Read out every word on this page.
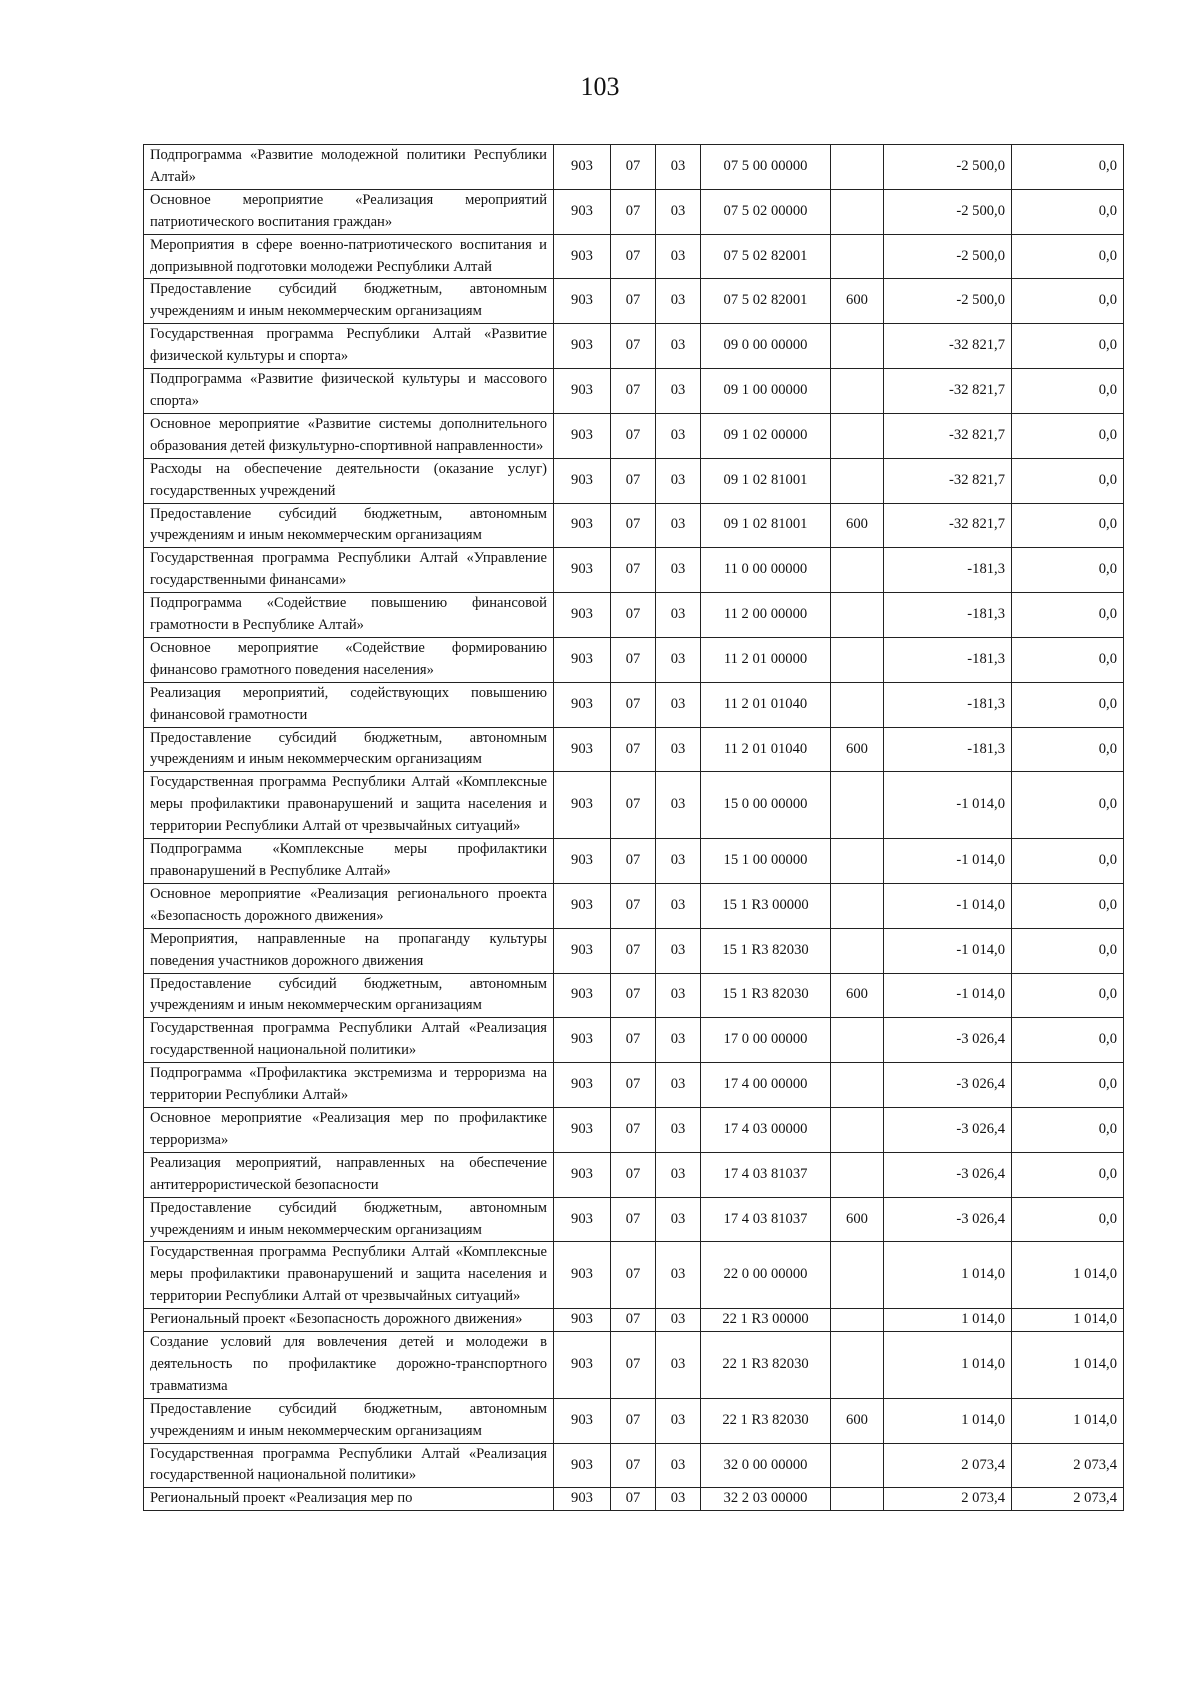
103
Подпрограмма «Развитие молодежной политики Республики Алтай»	903	07	03	07 5 00 00000		-2 500,0	0,0
Основное мероприятие «Реализация мероприятий патриотического воспитания граждан»	903	07	03	07 5 02 00000		-2 500,0	0,0
Мероприятия в сфере военно-патриотического воспитания и допризывной подготовки молодежи Республики Алтай	903	07	03	07 5 02 82001		-2 500,0	0,0
Предоставление субсидий бюджетным, автономным учреждениям и иным некоммерческим организациям	903	07	03	07 5 02 82001	600	-2 500,0	0,0
Государственная программа Республики Алтай «Развитие физической культуры и спорта»	903	07	03	09 0 00 00000		-32 821,7	0,0
Подпрограмма «Развитие физической культуры и массового спорта»	903	07	03	09 1 00 00000		-32 821,7	0,0
Основное мероприятие «Развитие системы дополнительного образования детей физкультурно-спортивной направленности»	903	07	03	09 1 02 00000		-32 821,7	0,0
Расходы на обеспечение деятельности (оказание услуг) государственных учреждений	903	07	03	09 1 02 81001		-32 821,7	0,0
Предоставление субсидий бюджетным, автономным учреждениям и иным некоммерческим организациям	903	07	03	09 1 02 81001	600	-32 821,7	0,0
Государственная программа Республики Алтай «Управление государственными финансами»	903	07	03	11 0 00 00000		-181,3	0,0
Подпрограмма «Содействие повышению финансовой грамотности в Республике Алтай»	903	07	03	11 2 00 00000		-181,3	0,0
Основное мероприятие «Содействие формированию финансово грамотного поведения населения»	903	07	03	11 2 01 00000		-181,3	0,0
Реализация мероприятий, содействующих повышению финансовой грамотности	903	07	03	11 2 01 01040		-181,3	0,0
Предоставление субсидий бюджетным, автономным учреждениям и иным некоммерческим организациям	903	07	03	11 2 01 01040	600	-181,3	0,0
Государственная программа Республики Алтай «Комплексные меры профилактики правонарушений и защита населения и территории Республики Алтай от чрезвычайных ситуаций»	903	07	03	15 0 00 00000		-1 014,0	0,0
Подпрограмма «Комплексные меры профилактики правонарушений в Республике Алтай»	903	07	03	15 1 00 00000		-1 014,0	0,0
Основное мероприятие «Реализация регионального проекта «Безопасность дорожного движения»	903	07	03	15 1 R3 00000		-1 014,0	0,0
Мероприятия, направленные на пропаганду культуры поведения участников дорожного движения	903	07	03	15 1 R3 82030		-1 014,0	0,0
Предоставление субсидий бюджетным, автономным учреждениям и иным некоммерческим организациям	903	07	03	15 1 R3 82030	600	-1 014,0	0,0
Государственная программа Республики Алтай «Реализация государственной национальной политики»	903	07	03	17 0 00 00000		-3 026,4	0,0
Подпрограмма «Профилактика экстремизма и терроризма на территории Республики Алтай»	903	07	03	17 4 00 00000		-3 026,4	0,0
Основное мероприятие «Реализация мер по профилактике терроризма»	903	07	03	17 4 03 00000		-3 026,4	0,0
Реализация мероприятий, направленных на обеспечение антитеррористической безопасности	903	07	03	17 4 03 81037		-3 026,4	0,0
Предоставление субсидий бюджетным, автономным учреждениям и иным некоммерческим организациям	903	07	03	17 4 03 81037	600	-3 026,4	0,0
Государственная программа Республики Алтай «Комплексные меры профилактики правонарушений и защита населения и территории Республики Алтай от чрезвычайных ситуаций»	903	07	03	22 0 00 00000		1 014,0	1 014,0
Региональный проект «Безопасность дорожного движения»	903	07	03	22 1 R3 00000		1 014,0	1 014,0
Создание условий для вовлечения детей и молодежи в деятельность по профилактике дорожно-транспортного травматизма	903	07	03	22 1 R3 82030		1 014,0	1 014,0
Предоставление субсидий бюджетным, автономным учреждениям и иным некоммерческим организациям	903	07	03	22 1 R3 82030	600	1 014,0	1 014,0
Государственная программа Республики Алтай «Реализация государственной национальной политики»	903	07	03	32 0 00 00000		2 073,4	2 073,4
Региональный проект «Реализация мер по	903	07	03	32 2 03 00000		2 073,4	2 073,4
